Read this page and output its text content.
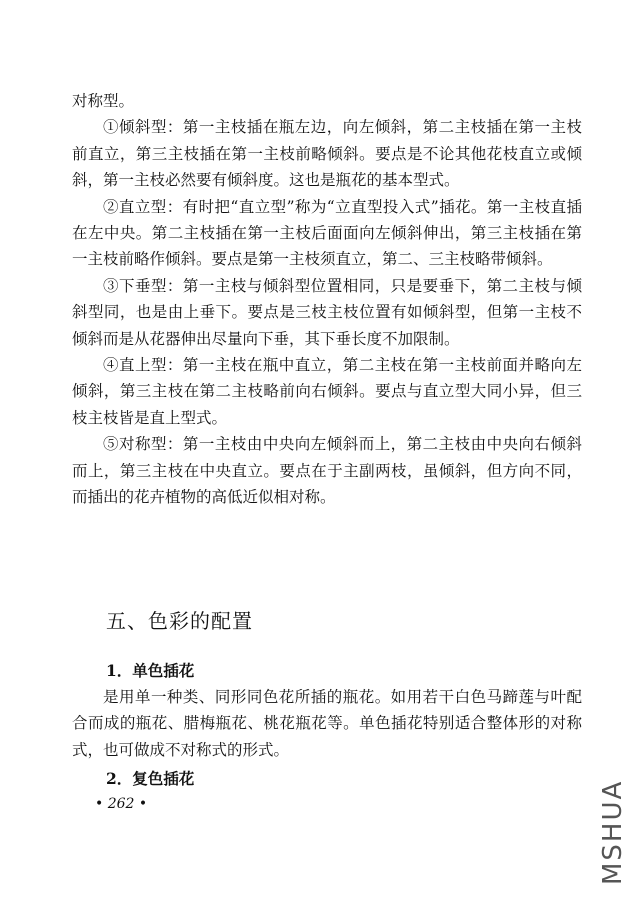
对称型。

①倾斜型：第一主枝插在瓶左边，向左倾斜，第二主枝插在第一主枝前直立，第三主枝插在第一主枝前略倾斜。要点是不论其他花枝直立或倾斜，第一主枝必然要有倾斜度。这也是瓶花的基本型式。

②直立型：有时把“直立型”称为“立直型投入式”插花。第一主枝直插在左中央。第二主枝插在第一主枝后面面向左倾斜伸出，第三主枝插在第一主枝前略作倾斜。要点是第一主枝须直立，第二、三主枝略带倾斜。

③下垂型：第一主枝与倾斜型位置相同，只是要垂下，第二主枝与倾斜型同，也是由上垂下。要点是三枝主枝位置有如倾斜型，但第一主枝不倾斜而是从花器伸出尽量向下垂，其下垂长度不加限制。

④直上型：第一主枝在瓶中直立，第二主枝在第一主枝前面并略向左倾斜，第三主枝在第二主枝略前向右倾斜。要点与直立型大同小异，但三枝主枝皆是直上型式。

⑤对称型：第一主枝由中央向左倾斜而上，第二主枝由中央向右倾斜而上，第三主枝在中央直立。要点在于主副两枝，虽倾斜，但方向不同，而插出的花卉植物的高低近似相对称。

五、色彩的配置
1．单色插花

是用单一种类、同形同色花所插的瓶花。如用若干白色马蹄莲与叶配合而成的瓶花、腊梅瓶花、桃花瓶花等。单色插花特别适合整体形的对称式，也可做成不对称式的形式。

2．复色插花
• 262 •	MSHUA
